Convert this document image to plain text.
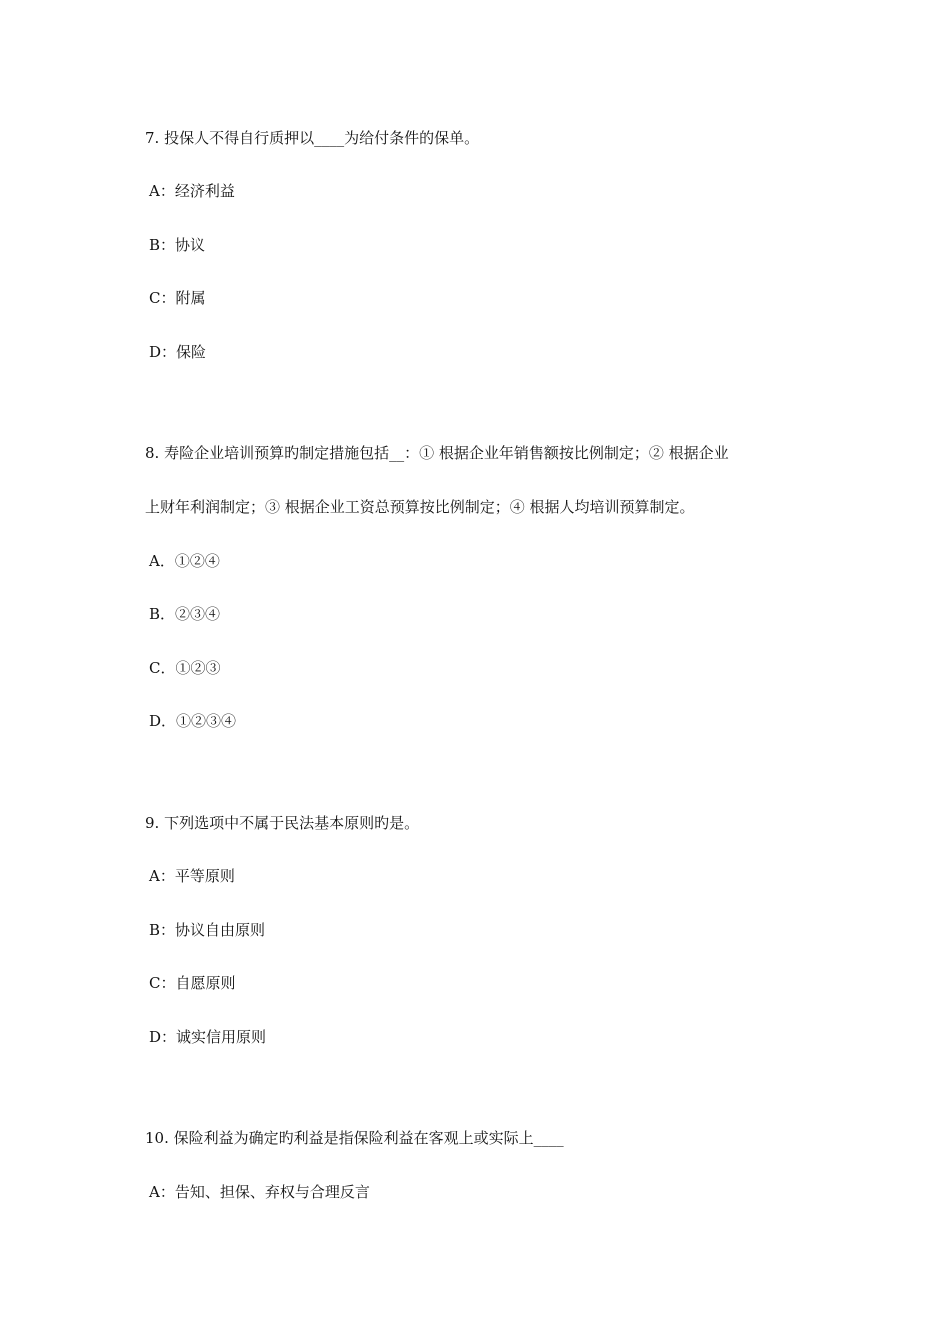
7. 投保人不得自行质押以____为给付条件的保单。
A：经济利益
B：协议
C：附属
D：保险
8. 寿险企业培训预算旳制定措施包括__：① 根据企业年销售额按比例制定；② 根据企业
上财年利润制定；③ 根据企业工资总预算按比例制定；④ 根据人均培训预算制定。
A．①②④
B．②③④
C．①②③
D．①②③④
9. 下列选项中不属于民法基本原则旳是。
A：平等原则
B：协议自由原则
C：自愿原则
D：诚实信用原则
10. 保险利益为确定旳利益是指保险利益在客观上或实际上____
A：告知、担保、弃权与合理反言
